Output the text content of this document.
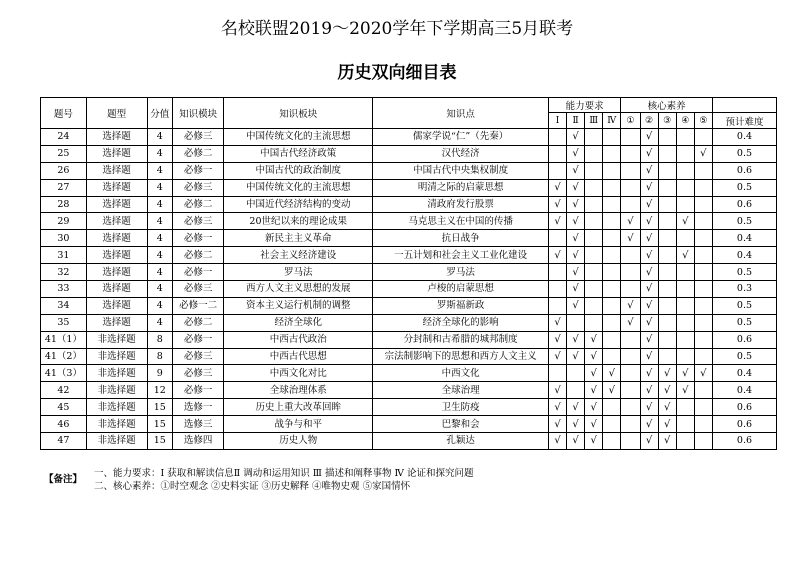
名校联盟2019～2020学年下学期高三5月联考
历史双向细目表
题号	题型	分值	知识模块	知识板块	知识点	能力要求				核心素养					
						Ⅰ	Ⅱ	Ⅲ	Ⅳ	①	②	③	④	⑤	预计难度
24	选择题	4	必修三	中国传统文化的主流思想	儒家学说“仁”（先秦）		√				√				0.4
25	选择题	4	必修二	中国古代经济政策	汉代经济		√				√			√	0.5
26	选择题	4	必修一	中国古代的政治制度	中国古代中央集权制度		√				√				0.6
27	选择题	4	必修三	中国传统文化的主流思想	明清之际的启蒙思想	√	√				√				0.5
28	选择题	4	必修二	中国近代经济结构的变动	清政府发行股票	√	√				√				0.6
29	选择题	4	必修三	20世纪以来的理论成果	马克思主义在中国的传播	√	√			√	√		√		0.5
30	选择题	4	必修一	新民主主义革命	抗日战争		√			√	√				0.4
31	选择题	4	必修二	社会主义经济建设	一五计划和社会主义工业化建设	√	√				√		√		0.4
32	选择题	4	必修一	罗马法	罗马法		√				√				0.5
33	选择题	4	必修三	西方人文主义思想的发展	卢梭的启蒙思想		√				√				0.3
34	选择题	4	必修一二	资本主义运行机制的调整	罗斯福新政		√			√	√				0.5
35	选择题	4	必修二	经济全球化	经济全球化的影响	√				√	√				0.5
41（1）	非选择题	8	必修一	中西古代政治	分封制和古希腊的城邦制度	√	√	√			√				0.6
41（2）	非选择题	8	必修三	中西古代思想	宗法制影响下的思想和西方人文主义	√	√	√			√				0.5
41（3）	非选择题	9	必修三	中西文化对比	中西文化			√	√		√	√	√	√	0.4
42	非选择题	12	必修一	全球治理体系	全球治理	√		√	√		√	√	√		0.4
45	非选择题	15	选修一	历史上重大改革回眸	卫生防疫	√	√	√			√	√			0.6
46	非选择题	15	选修三	战争与和平	巴黎和会	√	√	√			√	√			0.6
47	非选择题	15	选修四	历史人物	孔颖达	√	√	√			√	√			0.6
【备注】
一、能力要求：Ⅰ 获取和解读信息Ⅱ 调动和运用知识 Ⅲ 描述和阐释事物 Ⅳ 论证和探究问题
二、核心素养：①时空观念 ②史料实证 ③历史解释 ④唯物史观 ⑤家国情怀
